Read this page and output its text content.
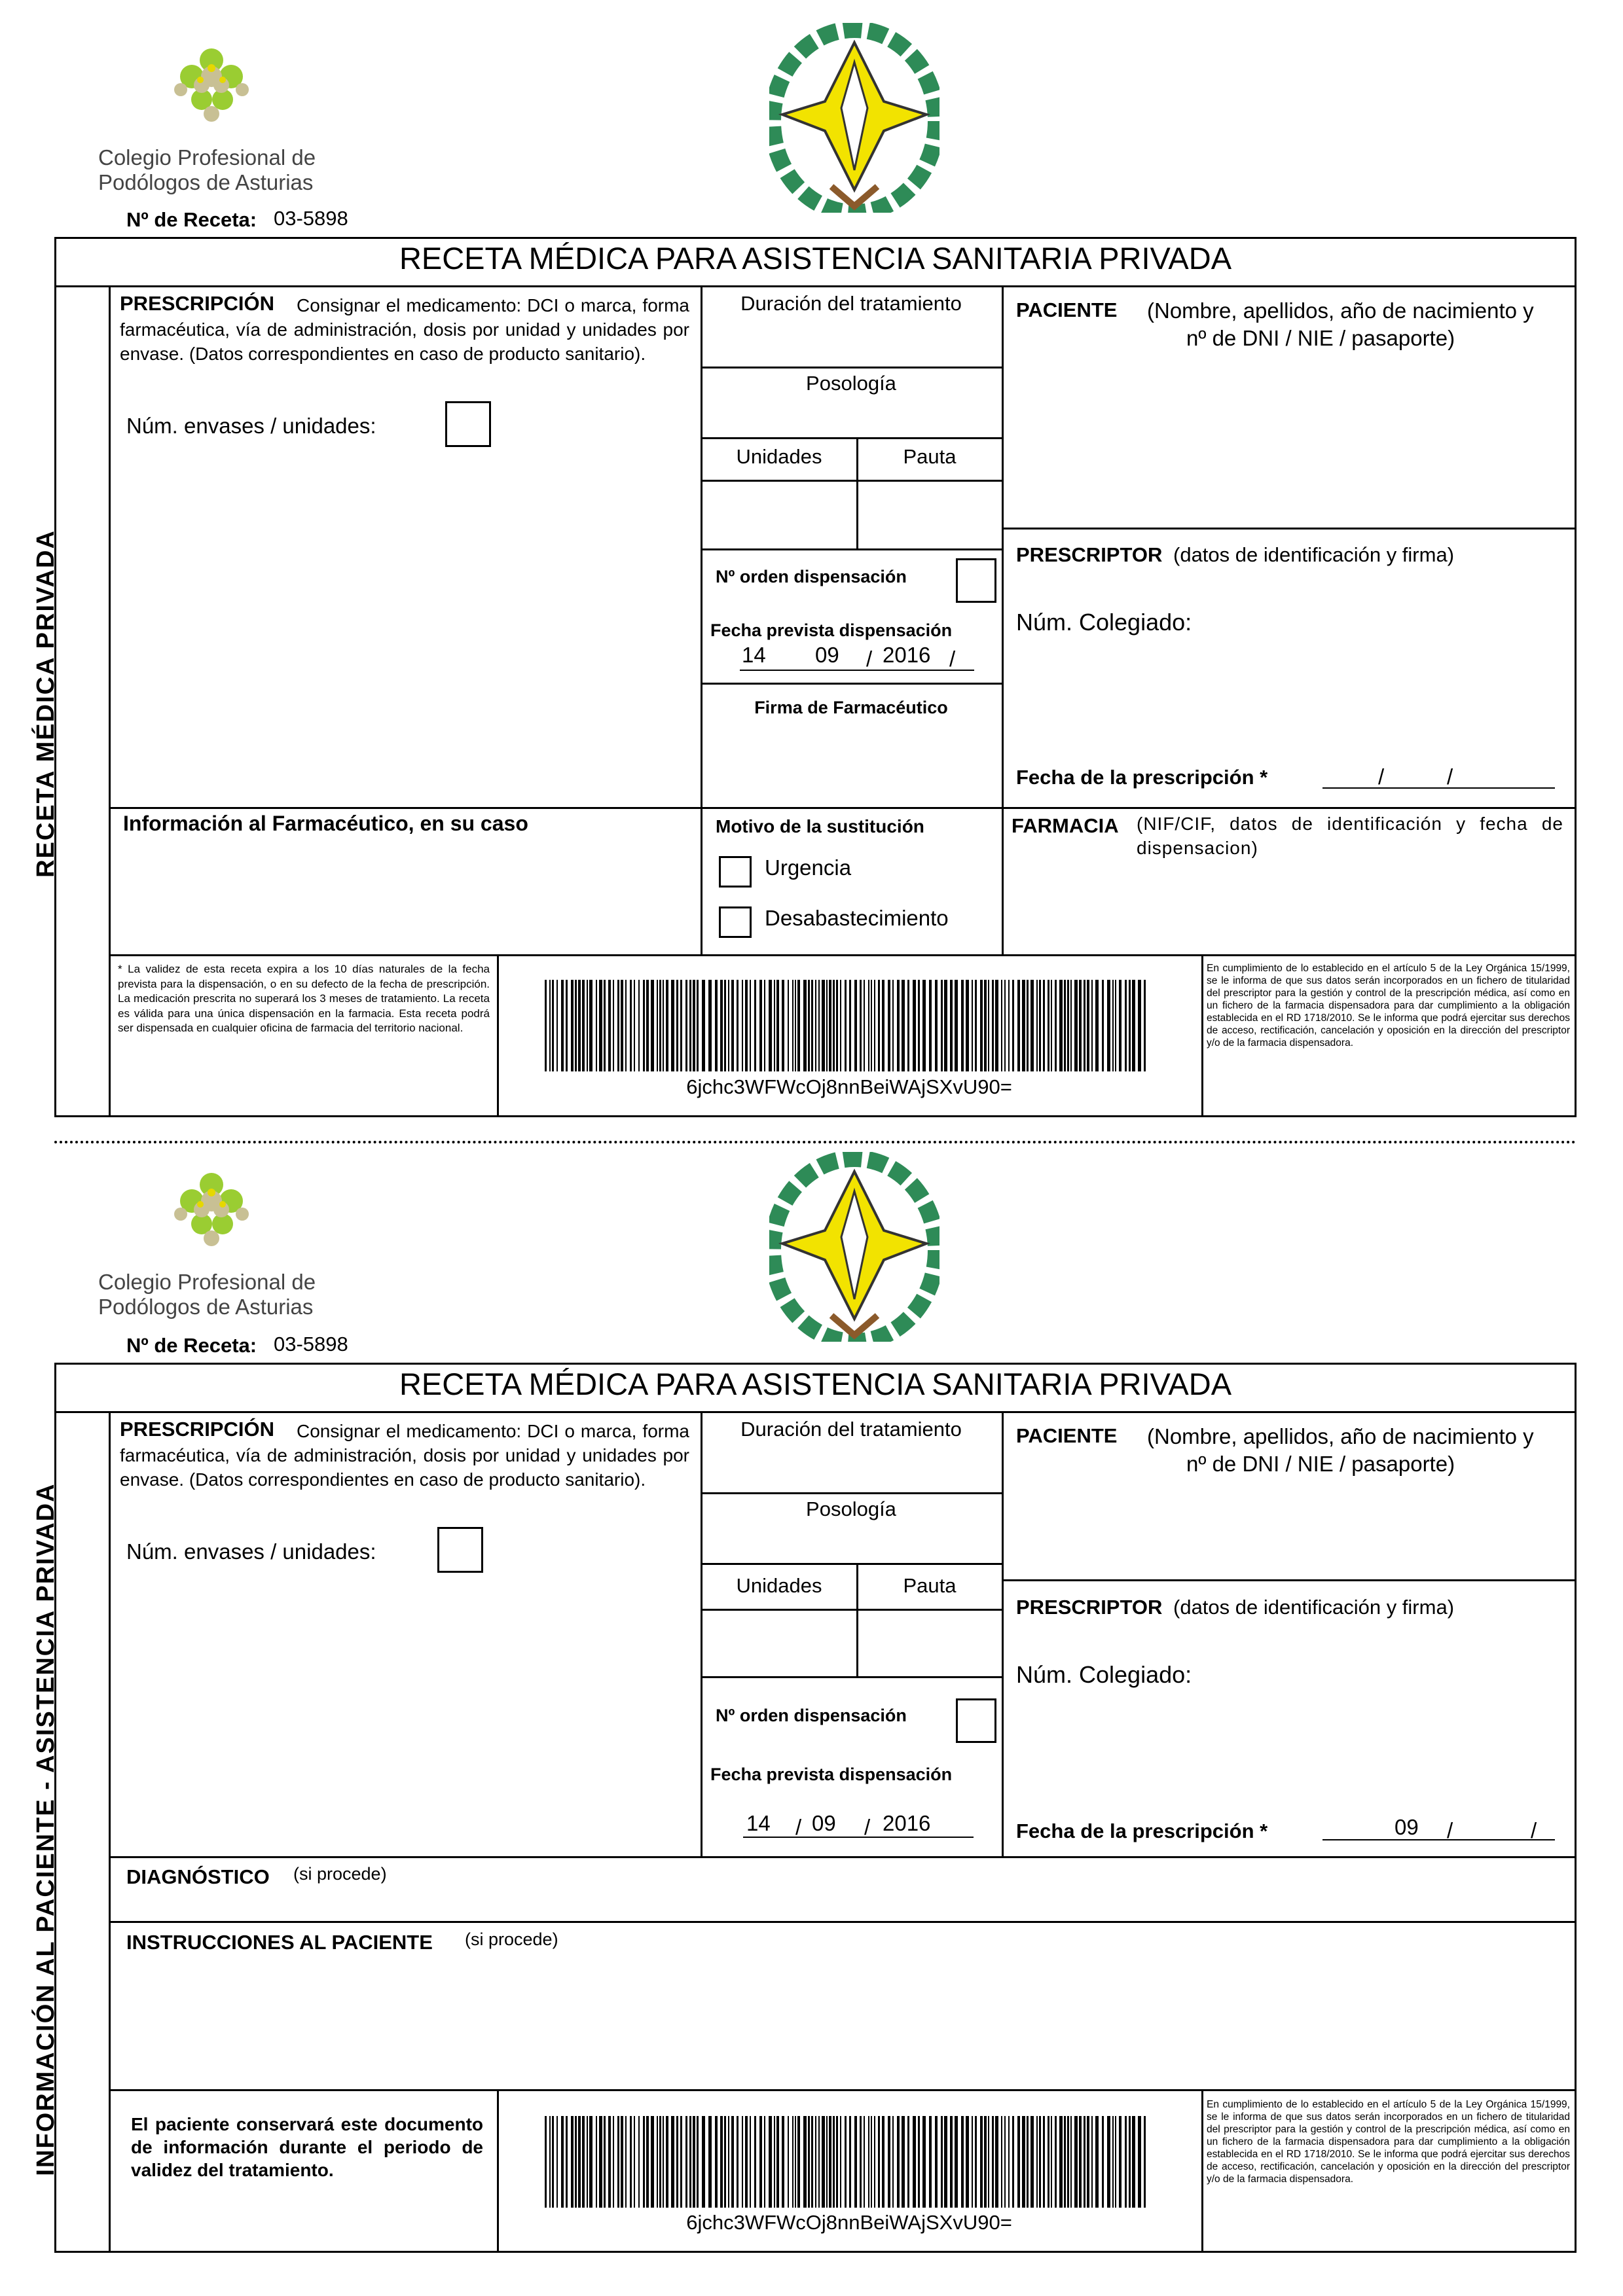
Colegio Profesional de
Podólogos de Asturias
Nº de Receta: 03-5898
RECETA MÉDICA PARA ASISTENCIA SANITARIA PRIVADA
RECETA MÉDICA PRIVADA
PRESCRIPCIÓN	Consignar el medicamento: DCI o marca, forma farmacéutica, vía de administración, dosis por unidad y unidades por envase. (Datos correspondientes en caso de producto sanitario).
Núm. envases / unidades:
Duración del tratamiento
Posología
Unidades	Pauta
Nº orden dispensación
Fecha prevista dispensación
14 09 / 2016 /
Firma de Farmacéutico
PACIENTE (Nombre, apellidos, año de nacimiento y
nº de DNI / NIE / pasaporte)
PRESCRIPTOR (datos de identificación y firma)
Núm. Colegiado:
Fecha de la prescripción *	/	/
Información al Farmacéutico, en su caso	Motivo de la sustitución
Urgencia
Desabastecimiento
FARMACIA (NIF/CIF, datos de identificación y fecha de dispensacion)
* La validez de esta receta expira a los 10 días naturales de la fecha prevista para la dispensación, o en su defecto de la fecha de prescripción. La medicación prescrita no superará los 3 meses de tratamiento. La receta es válida para una única dispensación en la farmacia. Esta receta podrá ser dispensada en cualquier oficina de farmacia del territorio nacional.
6jchc3WFWcOj8nnBeiWAjSXvU90=
En cumplimiento de lo establecido en el artículo 5 de la Ley Orgánica 15/1999, se le informa de que sus datos serán incorporados en un fichero de titularidad del prescriptor para la gestión y control de la prescripción médica, así como en un fichero de la farmacia dispensadora para dar cumplimiento a la obligación establecida en el RD 1718/2010. Se le informa que podrá ejercitar sus derechos de acceso, rectificación, cancelación y oposición en la dirección del prescriptor y/o de la farmacia dispensadora.
Colegio Profesional de
Podólogos de Asturias
Nº de Receta: 03-5898
RECETA MÉDICA PARA ASISTENCIA SANITARIA PRIVADA
INFORMACIÓN AL PACIENTE - ASISTENCIA PRIVADA
PRESCRIPCIÓN	Consignar el medicamento: DCI o marca, forma farmacéutica, vía de administración, dosis por unidad y unidades por envase. (Datos correspondientes en caso de producto sanitario).
Núm. envases / unidades:
Duración del tratamiento
Posología
Unidades	Pauta
Nº orden dispensación
Fecha prevista dispensación
14 / 09 / 2016
PACIENTE (Nombre, apellidos, año de nacimiento y
nº de DNI / NIE / pasaporte)
PRESCRIPTOR (datos de identificación y firma)
Núm. Colegiado:
Fecha de la prescripción *	09 /	/
DIAGNÓSTICO (si procede)
INSTRUCCIONES AL PACIENTE (si procede)
El paciente conservará este documento de información durante el periodo de validez del tratamiento.
6jchc3WFWcOj8nnBeiWAjSXvU90=
En cumplimiento de lo establecido en el artículo 5 de la Ley Orgánica 15/1999, se le informa de que sus datos serán incorporados en un fichero de titularidad del prescriptor para la gestión y control de la prescripción médica, así como en un fichero de la farmacia dispensadora para dar cumplimiento a la obligación establecida en el RD 1718/2010. Se le informa que podrá ejercitar sus derechos de acceso, rectificación, cancelación y oposición en la dirección del prescriptor y/o de la farmacia dispensadora.
